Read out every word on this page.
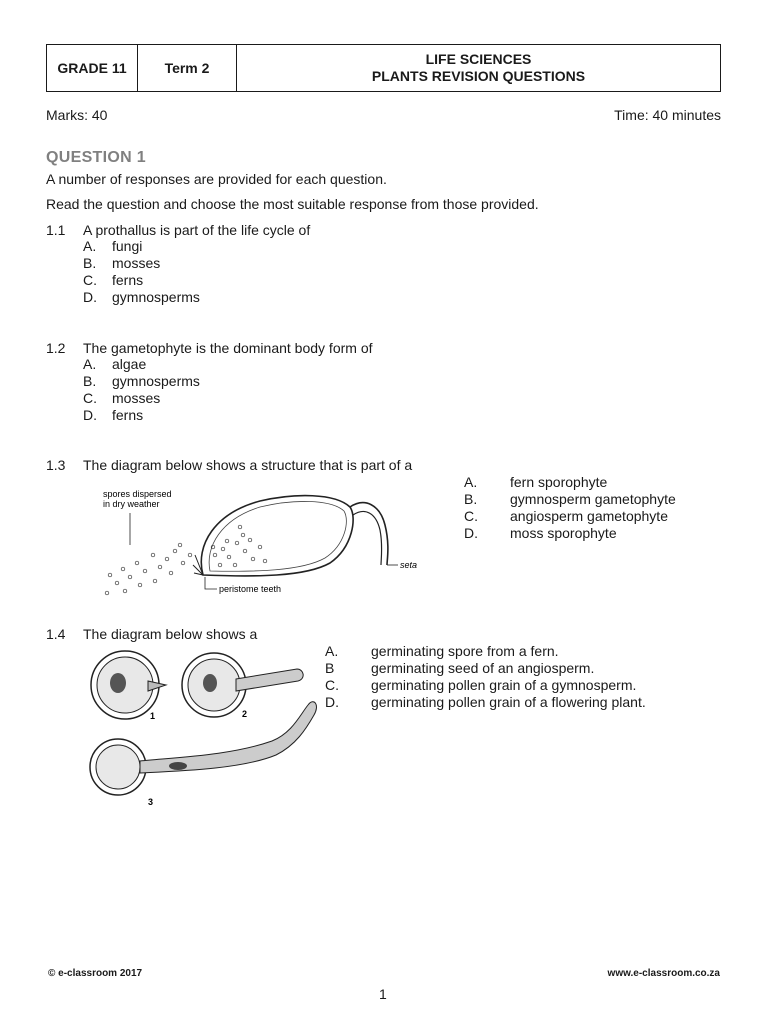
GRADE 11	Term 2
LIFE SCIENCES
PLANTS REVISION QUESTIONS
Marks: 40	Time: 40 minutes
QUESTION 1
A number of responses are provided for each question.
Read the question and choose the most suitable response from those provided.
1.1 A prothallus is part of the life cycle of
A. fungi
B. mosses
C. ferns
D. gymnosperms
1.2 The gametophyte is the dominant body form of
A. algae
B. gymnosperms
C. mosses
D. ferns
1.3 The diagram below shows a structure that is part of a
A. fern sporophyte
B. gymnosperm gametophyte
C. angiosperm gametophyte
D. moss sporophyte
seta
spores dispersed
in dry weather
peristome teeth
1.4 The diagram below shows a
A. germinating spore from a fern.
B	germinating seed of an angiosperm.
C. germinating pollen grain of a gymnosperm.
D. germinating pollen grain of a flowering plant.
1	2
3
© e-classroom 2017	www.e-classroom.co.za
1
